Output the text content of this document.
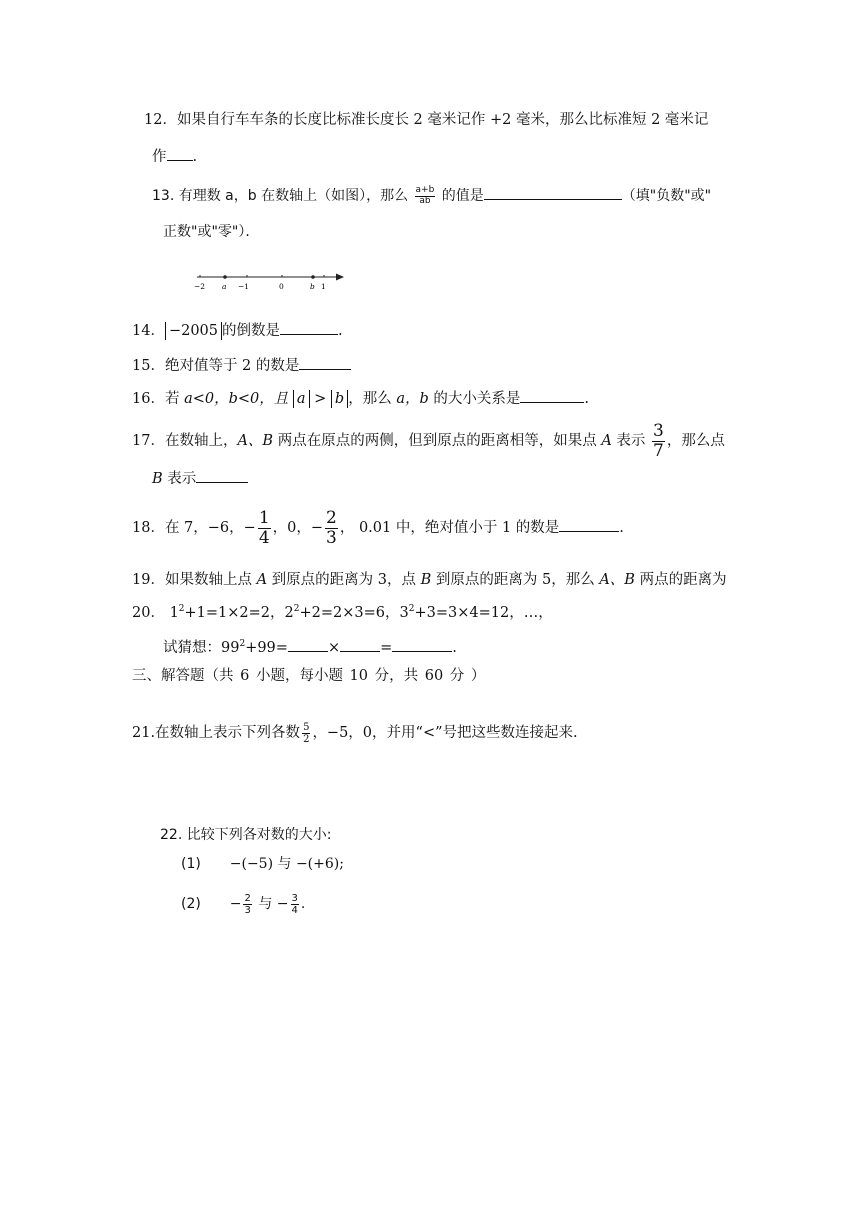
12．如果自行车车条的长度比标准长度长 2 毫米记作 +2 毫米，那么比标准短 2 毫米记
作 .
13. 有理数 a，b 在数轴上（如图），那么 $\frac{a+b}{ab}$ 的值是	（填"负数"或"
正数"或"零"）．
−2 a −1	0	b 1
14． −2005 的倒数是	.
15．绝对值等于 2 的数是
16．若 a<0，b<0，且 a > b ，那么 a，b 的大小关系是	.
17．在数轴上，A、B 两点在原点的两侧，但到原点的距离相等，如果点 A 表示 $\frac{3}{7}$ ，那么点
B 表示
18．在 7，−6，− $\frac{1}{4}$ ，0，− $\frac{2}{3}$ ， 0.01 中，绝对值小于 1 的数是	.
19．如果数轴上点 A 到原点的距离为 3，点 B 到原点的距离为 5，那么 A、B 两点的距离为
20． $1^2+1=1\times 2=2$，$2^2+2=2\times 3=6$，$3^2+3=3\times 4=12$，…，
试猜想：$99^2+99=$	×	=	.
三、解答题（共 6 小题，每小题 10 分，共 60 分 ）
21.在数轴上表示下列各数 $\frac{5}{2}$ ，−5，0，并用“<”号把这些数连接起来.
22. 比较下列各对数的大小:
(1) −(−5) 与 −(+6);
$(2) - \frac{2}{3}$ 与 − $\frac{3}{4}$ .
